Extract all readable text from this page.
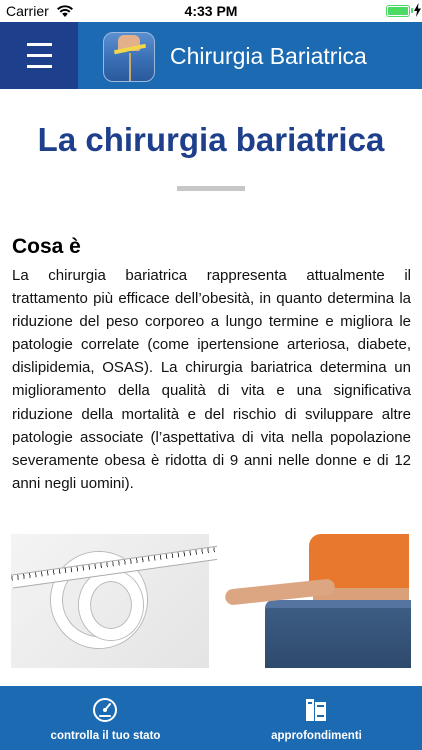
Carrier	4:33 PM
Chirurgia Bariatrica
La chirurgia bariatrica
Cosa è

La chirurgia bariatrica rappresenta attualmente il trattamento più efficace dell’obesità, in quanto determina la riduzione del peso corporeo a lungo termine e migliora le patologie correlate (come ipertensione arteriosa, diabete, dislipidemia, OSAS). La chirurgia bariatrica determina un miglioramento della qualità di vita e una significativa riduzione della mortalità e del rischio di sviluppare altre patologie associate (l’aspettativa di vita nella popolazione severamente obesa è ridotta di 9 anni nelle donne e di 12 anni negli uomini).

controlla il tuo stato	approfondimenti
